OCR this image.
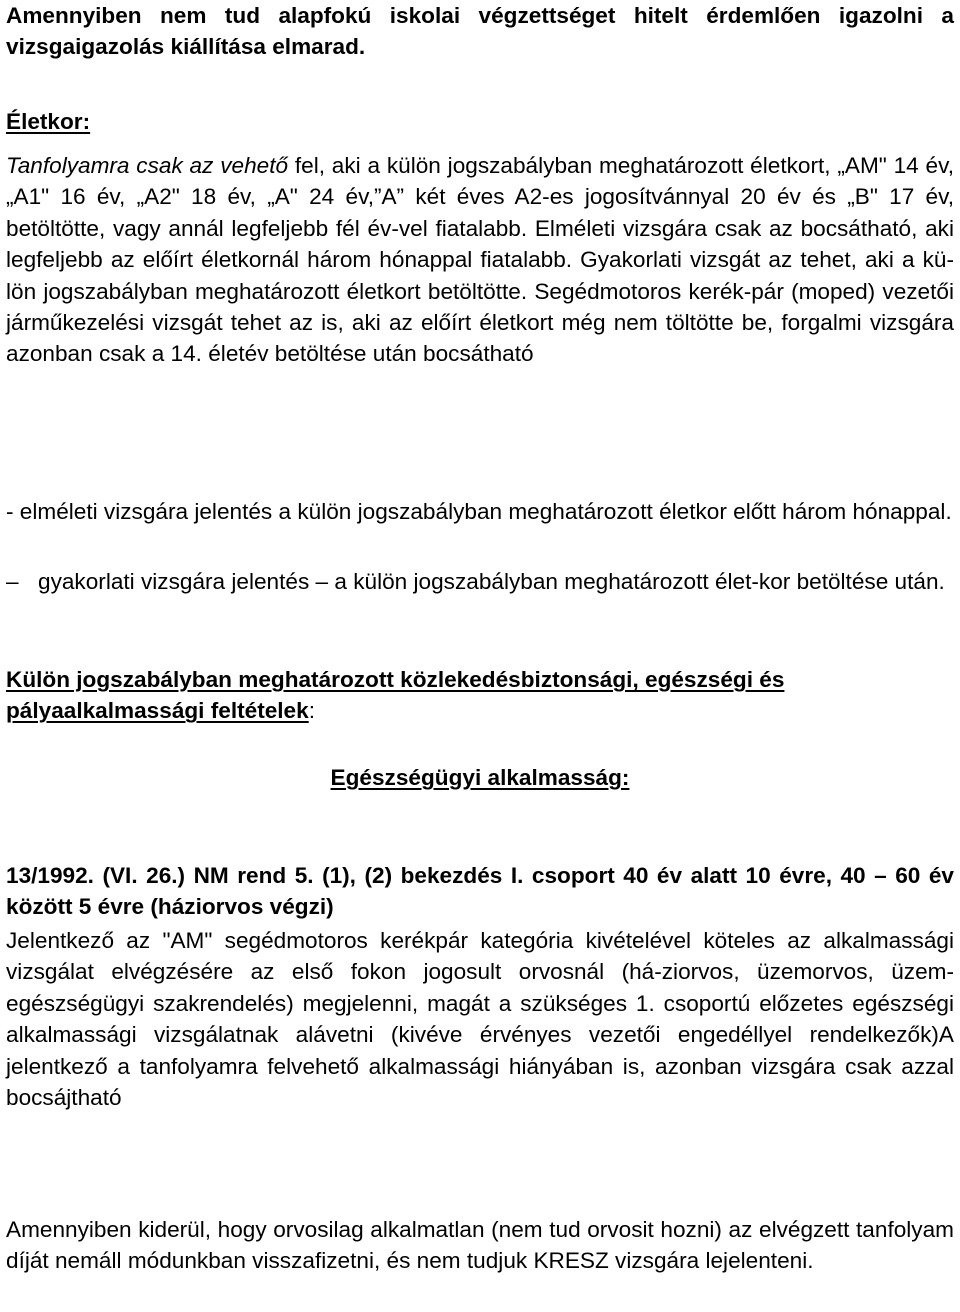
Amennyiben nem tud alapfokú iskolai végzettséget hitelt érdemlően igazolni a vizsgaigazolás kiállítása elmarad.

Életkor:

Tanfolyamra csak az vehető fel, aki a külön jogszabályban meghatározott életkort, „AM" 14 év, „A1" 16 év, „A2" 18 év, „A" 24 év,”A” két éves A2-es jogosítvánnyal 20 év és „B" 17 év, betöltötte, vagy annál legfeljebb fél év-vel fiatalabb. Elméleti vizsgára csak az bocsátható, aki legfeljebb az előírt életkornál három hónappal fiatalabb. Gyakorlati vizsgát az tehet, aki a kü-lön jogszabályban meghatározott életkort betöltötte. Segédmotoros kerék-pár (moped) vezetői járműkezelési vizsgát tehet az is, aki az előírt életkort még nem töltötte be, forgalmi vizsgára azonban csak a 14. életév betöltése után bocsátható

- elméleti vizsgára jelentés a külön jogszabályban meghatározott életkor előtt három hónappal.

– gyakorlati vizsgára jelentés – a külön jogszabályban meghatározott élet-kor betöltése után.

Külön jogszabályban meghatározott közlekedésbiztonsági, egészségi és pályaalkalmassági feltételek:

Egészségügyi alkalmasság:

13/1992. (VI. 26.) NM rend 5. (1), (2) bekezdés I. csoport 40 év alatt 10 évre, 40 – 60 év között 5 évre (háziorvos végzi)

Jelentkező az "AM" segédmotoros kerékpár kategória kivételével köteles az alkalmassági vizsgálat elvégzésére az első fokon jogosult orvosnál (há-ziorvos, üzemorvos, üzem-egészségügyi szakrendelés) megjelenni, magát a szükséges 1. csoportú előzetes egészségi alkalmassági vizsgálatnak alávetni (kivéve érvényes vezetői engedéllyel rendelkezők)A jelentkező a tanfolyamra felvehető alkalmassági hiányában is, azonban vizsgára csak azzal bocsájtható

Amennyiben kiderül, hogy orvosilag alkalmatlan (nem tud orvosit hozni) az elvégzett tanfolyam díját nemáll módunkban visszafizetni, és nem tudjuk KRESZ vizsgára lejelenteni.
